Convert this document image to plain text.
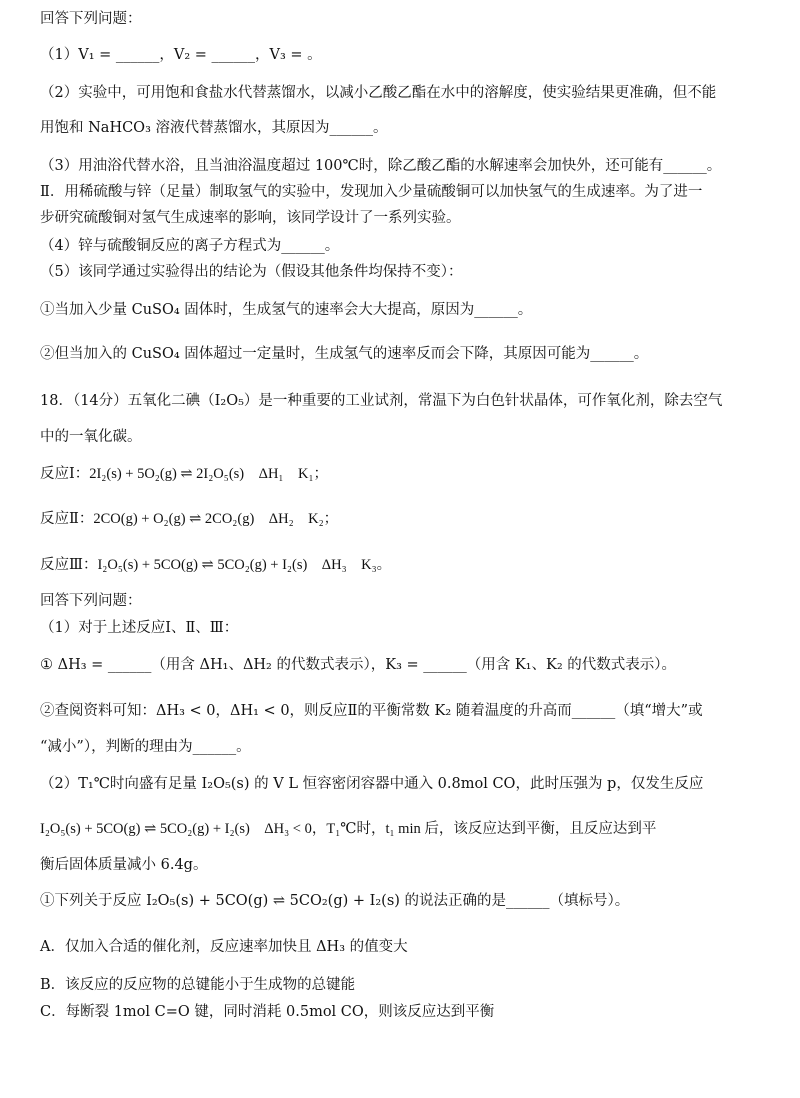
回答下列问题：
（1）V₁ = ______，V₂ = ______，V₃ = 。
（2）实验中，可用饱和食盐水代替蒸馏水，以减小乙酸乙酯在水中的溶解度，使实验结果更准确，但不能
用饱和 NaHCO₃ 溶液代替蒸馏水，其原因为______。
（3）用油浴代替水浴，且当油浴温度超过 100℃时，除乙酸乙酯的水解速率会加快外，还可能有______。
Ⅱ．用稀硫酸与锌（足量）制取氢气的实验中，发现加入少量硫酸铜可以加快氢气的生成速率。为了进一
步研究硫酸铜对氢气生成速率的影响，该同学设计了一系列实验。
（4）锌与硫酸铜反应的离子方程式为______。
（5）该同学通过实验得出的结论为（假设其他条件均保持不变）：
①当加入少量 CuSO₄ 固体时，生成氢气的速率会大大提高，原因为______。
②但当加入的 CuSO₄ 固体超过一定量时，生成氢气的速率反而会下降，其原因可能为______。
18．（14分）五氧化二碘（I₂O₅）是一种重要的工业试剂，常温下为白色针状晶体，可作氧化剂，除去空气
中的一氧化碳。
反应Ⅰ：2I₂(s) + 5O₂(g) ⇌ 2I₂O₅(s)　ΔH₁　K₁；
反应Ⅱ：2CO(g) + O₂(g) ⇌ 2CO₂(g)　ΔH₂　K₂；
反应Ⅲ：I₂O₅(s) + 5CO(g) ⇌ 5CO₂(g) + I₂(s)　ΔH₃　K₃。
回答下列问题：
（1）对于上述反应Ⅰ、Ⅱ、Ⅲ：
① ΔH₃ = ______（用含 ΔH₁、ΔH₂ 的代数式表示），K₃ = ______（用含 K₁、K₂ 的代数式表示）。
②查阅资料可知：ΔH₃ < 0，ΔH₁ < 0，则反应Ⅱ的平衡常数 K₂ 随着温度的升高而______（填“增大”或
“减小”），判断的理由为______。
（2）T₁℃时向盛有足量 I₂O₅(s) 的 V L 恒容密闭容器中通入 0.8mol CO，此时压强为 p，仅发生反应
I₂O₅(s) + 5CO(g) ⇌ 5CO₂(g) + I₂(s)　ΔH₃ < 0，T₁℃时，t₁ min 后，该反应达到平衡，且反应达到平
衡后固体质量减小 6.4g。
①下列关于反应 I₂O₅(s) + 5CO(g) ⇌ 5CO₂(g) + I₂(s) 的说法正确的是______（填标号）。
A．仅加入合适的催化剂，反应速率加快且 ΔH₃ 的值变大
B．该反应的反应物的总键能小于生成物的总键能
C．每断裂 1mol C=O 键，同时消耗 0.5mol CO，则该反应达到平衡
